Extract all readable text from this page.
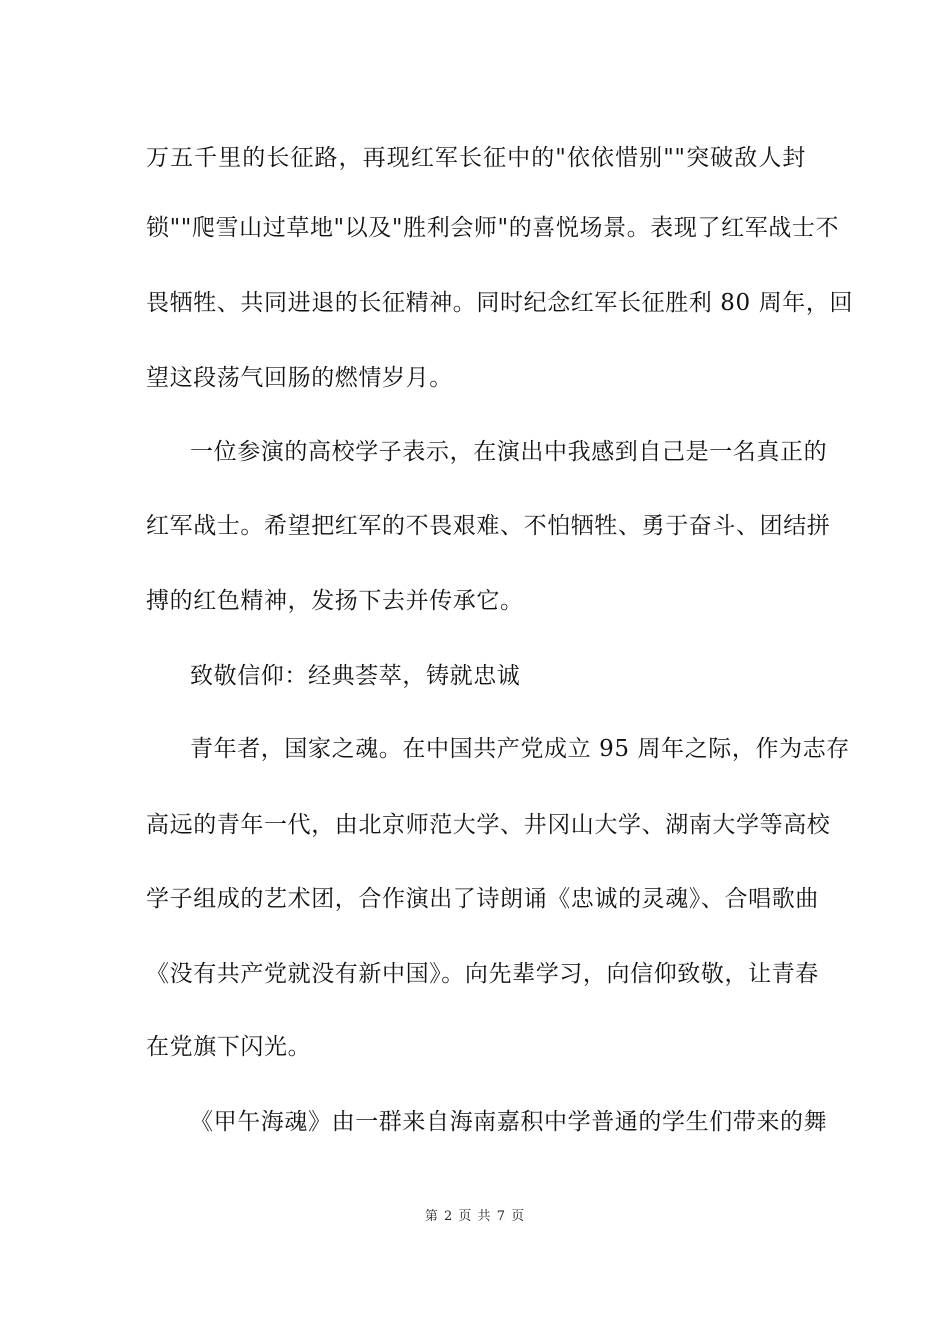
万五千里的长征路，再现红军长征中的"依依惜别""突破敌人封
锁""爬雪山过草地"以及"胜利会师"的喜悦场景。表现了红军战士不
畏牺牲、共同进退的长征精神。同时纪念红军长征胜利 80 周年，回
望这段荡气回肠的燃情岁月。
一位参演的高校学子表示，在演出中我感到自己是一名真正的
红军战士。希望把红军的不畏艰难、不怕牺牲、勇于奋斗、团结拼
搏的红色精神，发扬下去并传承它。
致敬信仰：经典荟萃，铸就忠诚
青年者，国家之魂。在中国共产党成立 95 周年之际，作为志存
高远的青年一代，由北京师范大学、井冈山大学、湖南大学等高校
学子组成的艺术团，合作演出了诗朗诵《忠诚的灵魂》、合唱歌曲
《没有共产党就没有新中国》。向先辈学习，向信仰致敬，让青春
在党旗下闪光。
《甲午海魂》由一群来自海南嘉积中学普通的学生们带来的舞
第 2 页 共 7 页
